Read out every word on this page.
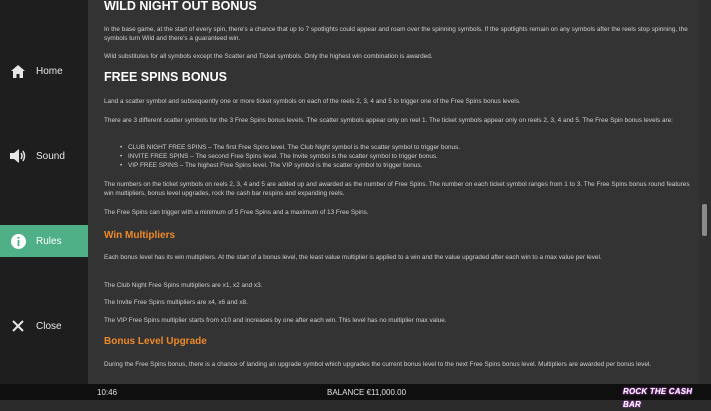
Home
Sound
Rules
Close
WILD NIGHT OUT BONUS

In the base game, at the start of every spin, there's a chance that up to 7 spotlights could appear and roam over the spinning symbols. If the spotlights remain on any symbols after the reels stop spinning, the symbols turn Wild and there's a guaranteed win.

Wild substitutes for all symbols except the Scatter and Ticket symbols. Only the highest win combination is awarded.

FREE SPINS BONUS

Land a scatter symbol and subsequently one or more ticket symbols on each of the reels 2, 3, 4 and 5 to trigger one of the Free Spins bonus levels.

There are 3 different scatter symbols for the 3 Free Spins bonus levels. The scatter symbols appear only on reel 1. The ticket symbols appear only on reels 2, 3, 4 and 5. The Free Spin bonus levels are:

• CLUB NIGHT FREE SPINS – The first Free Spins level. The Club Night symbol is the scatter symbol to trigger bonus.
• INVITE FREE SPINS – The second Free Spins level. The Invite symbol is the scatter symbol to trigger bonus.
• VIP FREE SPINS – The highest Free Spins level. The VIP symbol is the scatter symbol to trigger bonus.

The numbers on the ticket symbols on reels 2, 3, 4 and 5 are added up and awarded as the number of Free Spins. The number on each ticket symbol ranges from 1 to 3. The Free Spins bonus round features win multipliers, bonus level upgrades, rock the cash bar respins and expanding reels.

The Free Spins can trigger with a minimum of 5 Free Spins and a maximum of 13 Free Spins.

Win Multipliers

Each bonus level has its win multipliers. At the start of a bonus level, the least value multiplier is applied to a win and the value upgraded after each win to a max value per level.

The Club Night Free Spins multipliers are x1, x2 and x3.

The Invite Free Spins multipliers are x4, x6 and x8.

The VIP Free Spins multiplier starts from x10 and increases by one after each win. This level has no multiplier max value.

Bonus Level Upgrade

During the Free Spins bonus, there is a chance of landing an upgrade symbol which upgrades the current bonus level to the next Free Spins bonus level. Multipliers are awarded per bonus level.

10:46	BALANCE €11,000.00	ROCK THE CASH BAR
